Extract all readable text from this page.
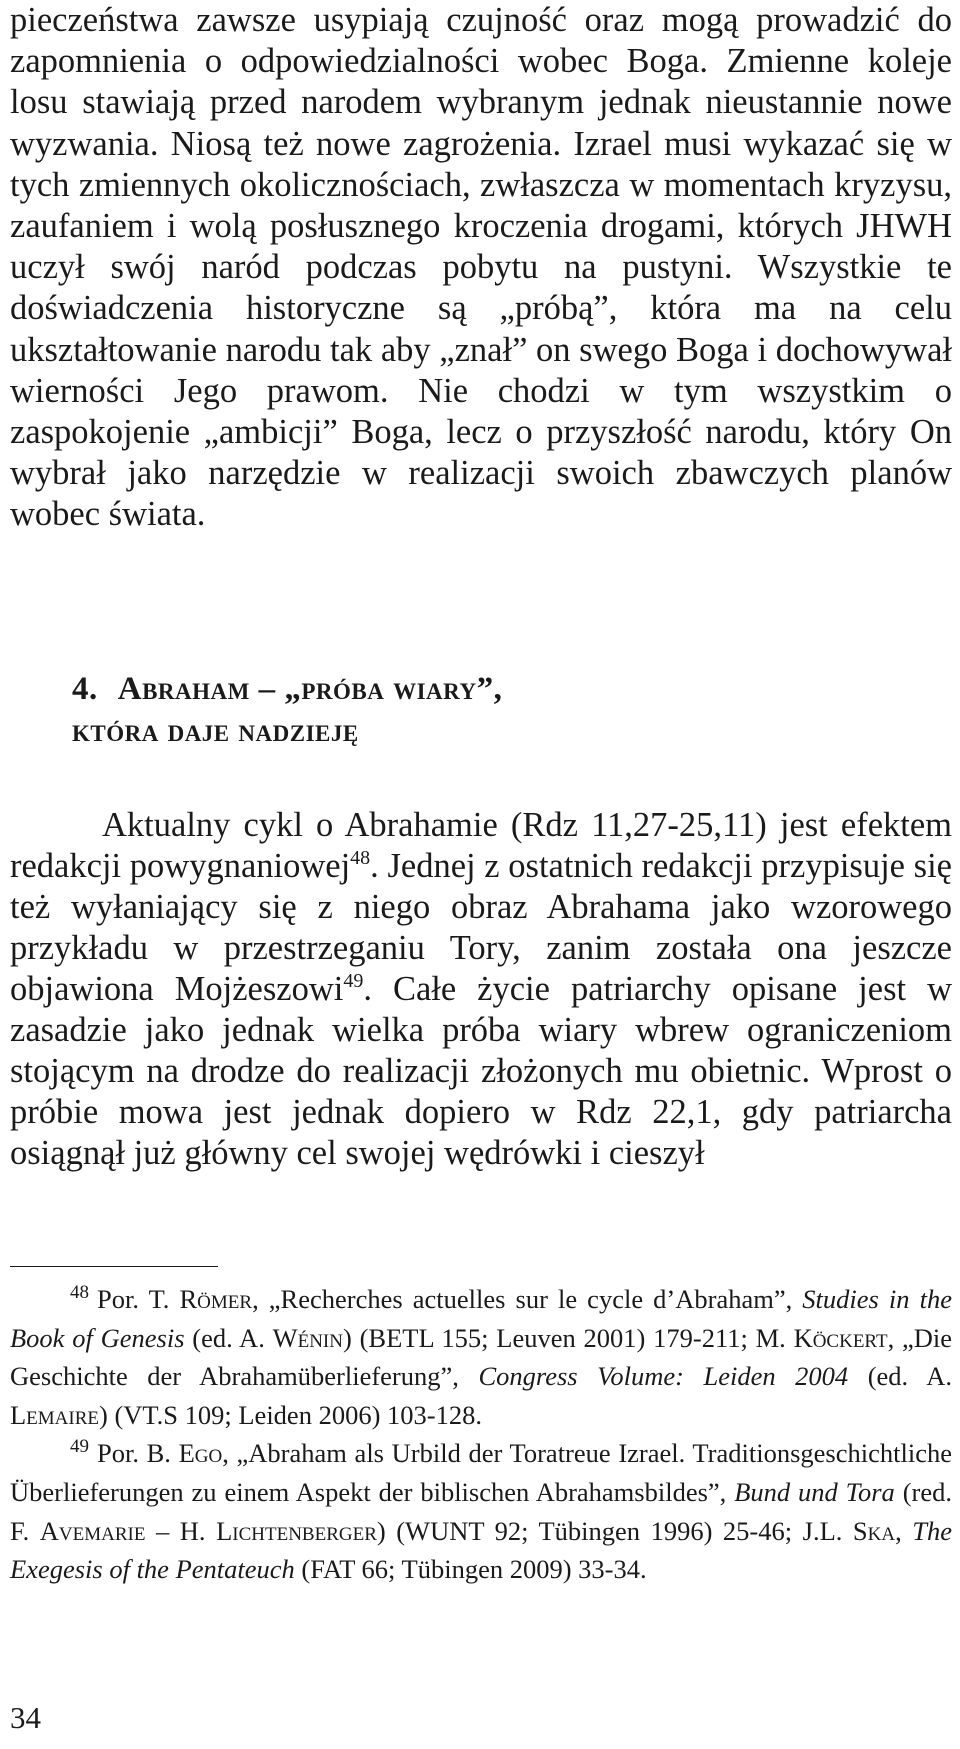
pieczeństwa zawsze usypiają czujność oraz mogą prowadzić do zapomnienia o odpowiedzialności wobec Boga. Zmienne koleje losu stawiają przed narodem wybranym jednak nieustannie nowe wyzwania. Niosą też nowe zagrożenia. Izrael musi wykazać się w tych zmiennych okolicznościach, zwłaszcza w momentach kryzysu, zaufaniem i wolą posłusznego kroczenia drogami, których JHWH uczył swój naród podczas pobytu na pustyni. Wszystkie te doświadczenia historyczne są „próbą”, która ma na celu ukształtowanie narodu tak aby „znał” on swego Boga i dochowywał wierności Jego prawom. Nie chodzi w tym wszystkim o zaspokojenie „ambicji” Boga, lecz o przyszłość narodu, który On wybrał jako narzędzie w realizacji swoich zbawczych planów wobec świata.

4. Abraham – „próba wiary”,
która daje nadzieję
Aktualny cykl o Abrahamie (Rdz 11,27-25,11) jest efektem redakcji powygnaniowej$^{48}$. Jednej z ostatnich redakcji przypisuje się też wyłaniający się z niego obraz Abrahama jako wzorowego przykładu w przestrzeganiu Tory, zanim została ona jeszcze objawiona Mojżeszowi$^{49}$. Całe życie patriarchy opisane jest w zasadzie jako jednak wielka próba wiary wbrew ograniczeniom stojącym na drodze do realizacji złożonych mu obietnic. Wprost o próbie mowa jest jednak dopiero w Rdz 22,1, gdy patriarcha osiągnął już główny cel swojej wędrówki i cieszył

48 Por. T. Römer, „Recherches actuelles sur le cycle d’Abraham”, Studies in the Book of Genesis (ed. A. Wénin) (BETL 155; Leuven 2001) 179-211; M. Köckert, „Die Geschichte der Abrahamüberlieferung”, Congress Volume: Leiden 2004 (ed. A. Lemaire) (VT.S 109; Leiden 2006) 103-128.

49 Por. B. Ego, „Abraham als Urbild der Toratreue Izrael. Traditionsgeschichtliche Überlieferungen zu einem Aspekt der biblischen Abrahamsbildes”, Bund und Tora (red. F. Avemarie – H. Lichtenberger) (WUNT 92; Tübingen 1996) 25-46; J.L. Ska, The Exegesis of the Pentateuch (FAT 66; Tübingen 2009) 33-34.

34
